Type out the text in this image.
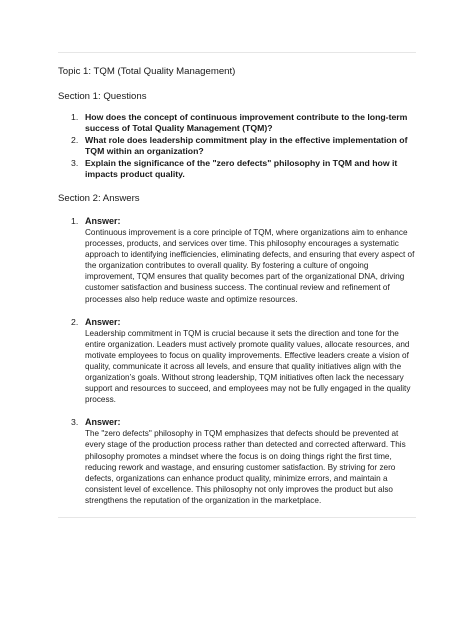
Topic 1: TQM (Total Quality Management)

Section 1: Questions

1. How does the concept of continuous improvement contribute to the long-term success of Total Quality Management (TQM)?
2. What role does leadership commitment play in the effective implementation of TQM within an organization?
3. Explain the significance of the "zero defects" philosophy in TQM and how it impacts product quality.

Section 2: Answers

1. Answer:
Continuous improvement is a core principle of TQM, where organizations aim to enhance processes, products, and services over time. This philosophy encourages a systematic approach to identifying inefficiencies, eliminating defects, and ensuring that every aspect of the organization contributes to overall quality. By fostering a culture of ongoing improvement, TQM ensures that quality becomes part of the organizational DNA, driving customer satisfaction and business success. The continual review and refinement of processes also help reduce waste and optimize resources.
2. Answer:
Leadership commitment in TQM is crucial because it sets the direction and tone for the entire organization. Leaders must actively promote quality values, allocate resources, and motivate employees to focus on quality improvements. Effective leaders create a vision of quality, communicate it across all levels, and ensure that quality initiatives align with the organization’s goals. Without strong leadership, TQM initiatives often lack the necessary support and resources to succeed, and employees may not be fully engaged in the quality process.
3. Answer:
The "zero defects" philosophy in TQM emphasizes that defects should be prevented at every stage of the production process rather than detected and corrected afterward. This philosophy promotes a mindset where the focus is on doing things right the first time, reducing rework and wastage, and ensuring customer satisfaction. By striving for zero defects, organizations can enhance product quality, minimize errors, and maintain a consistent level of excellence. This philosophy not only improves the product but also strengthens the reputation of the organization in the marketplace.
